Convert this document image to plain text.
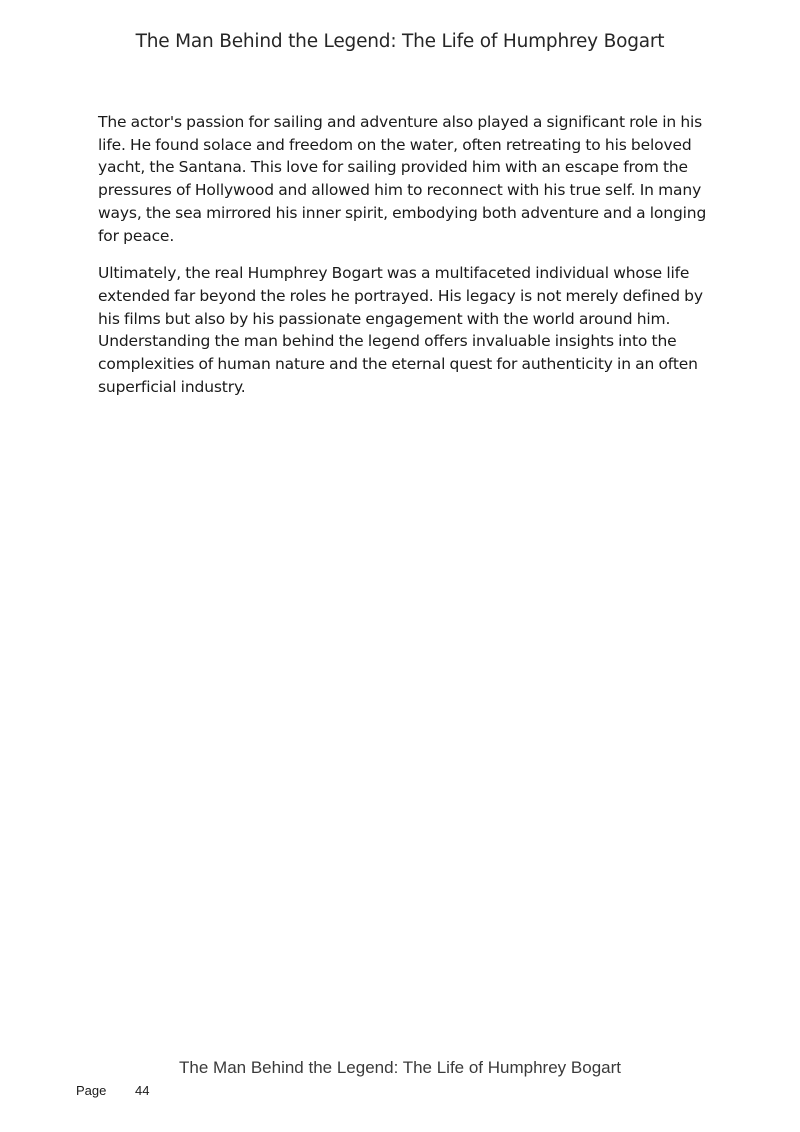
The Man Behind the Legend: The Life of Humphrey Bogart

The actor's passion for sailing and adventure also played a significant role in his life. He found solace and freedom on the water, often retreating to his beloved yacht, the Santana. This love for sailing provided him with an escape from the pressures of Hollywood and allowed him to reconnect with his true self. In many ways, the sea mirrored his inner spirit, embodying both adventure and a longing for peace.

Ultimately, the real Humphrey Bogart was a multifaceted individual whose life extended far beyond the roles he portrayed. His legacy is not merely defined by his films but also by his passionate engagement with the world around him. Understanding the man behind the legend offers invaluable insights into the complexities of human nature and the eternal quest for authenticity in an often superficial industry.

The Man Behind the Legend: The Life of Humphrey Bogart
Page 44
